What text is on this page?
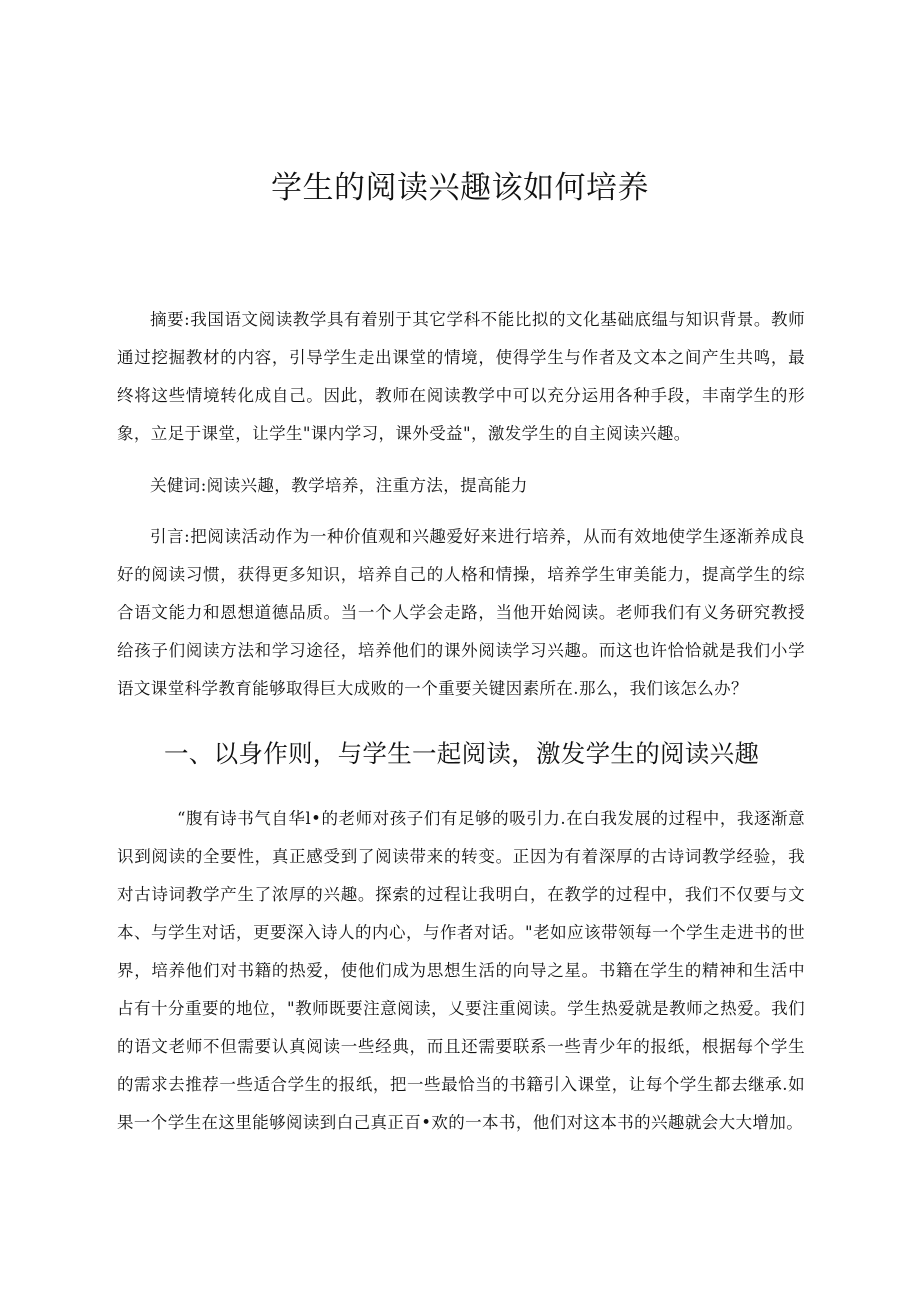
学生的阅读兴趣该如何培养

摘要:我国语文阅读教学具有着别于其它学科不能比拟的文化基础底缊与知识背景。教师通过挖掘教材的内容，引导学生走出课堂的情境，使得学生与作者及文本之间产生共鸣，最终将这些情境转化成自己。因此，教师在阅读教学中可以充分运用各种手段，丰南学生的形象，立足于课堂，让学生"课内学习，课外受益"，激发学生的自主阅读兴趣。

关健词:阅读兴趣，教学培养，注重方法，提高能力

引言:把阅读活动作为一种价值观和兴趣爱好来进行培养，从而有效地使学生逐渐养成良好的阅读习惯，获得更多知识，培养自己的人格和情操，培养学生审美能力，提高学生的综合语文能力和恩想道德品质。当一个人学会走路，当他开始阅读。老师我们有义务研究教授给孩子们阅读方法和学习途径，培养他们的课外阅读学习兴趣。而这也许恰恰就是我们小学语文课堂科学教育能够取得巨大成败的一个重要关键因素所在.那么，我们该怎么办？

一、以身作则，与学生一起阅读，激发学生的阅读兴趣

“腹有诗书气自华l•的老师对孩子们有足够的吸引力.在白我发展的过程中，我逐渐意识到阅读的全要性，真正感受到了阅读带来的转变。正因为有着深厚的古诗词教学经验，我对古诗词教学产生了浓厚的兴趣。探索的过程让我明白，在教学的过程中，我们不仅要与文本、与学生对话，更要深入诗人的内心，与作者对话。"老如应该带领每一个学生走进书的世界，培养他们对书籍的热爱，使他们成为思想生活的向导之星。书籍在学生的精神和生活中占有十分重要的地位，"教师既要注意阅读，乂要注重阅读。学生热爱就是教师之热爱。我们的语文老师不但需要认真阅读一些经典，而且还需要联系一些青少年的报纸，根据每个学生的需求去推荐一些适合学生的报纸，把一些最恰当的书籍引入课堂，让每个学生都去继承.如果一个学生在这里能够阅读到白己真正百•欢的一本书，他们对这本书的兴趣就会大大增加。
